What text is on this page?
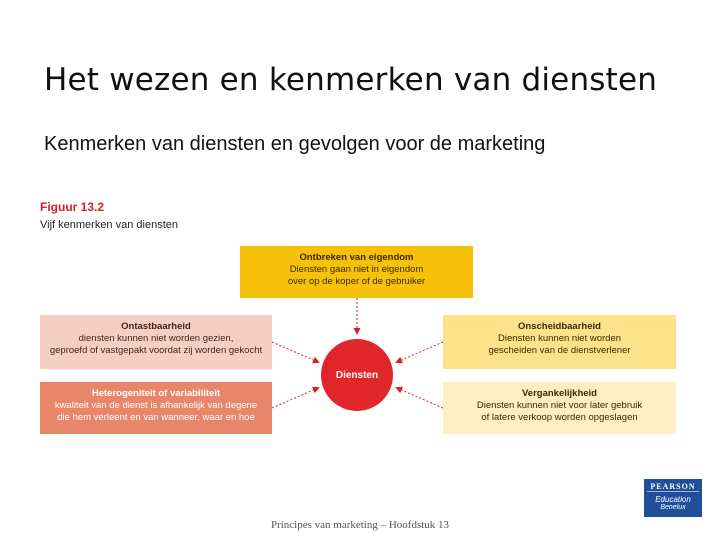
Het wezen en kenmerken van diensten
Kenmerken van diensten en gevolgen voor de marketing
Figuur 13.2
Vijf kenmerken van diensten
Ontbreken van eigendom
Diensten gaan niet in eigendom
over op de koper of de gebruiker
Ontastbaarheid
diensten kunnen niet worden gezien,
geproefd of vastgepakt voordat zij worden gekocht
Heterogeniteit of variabiliteit
kwaliteit van de dienst is afhankelijk van degene
die hem verleent en van wanneer, waar en hoe
Onscheidbaarheid
Diensten kunnen niet worden
gescheiden van de dienstverlener
Vergankelijkheid
Diensten kunnen niet voor later gebruik
of latere verkoop worden opgeslagen
Diensten
Principes van marketing – Hoofdstuk 13
PEARSON
Education
Benelux
